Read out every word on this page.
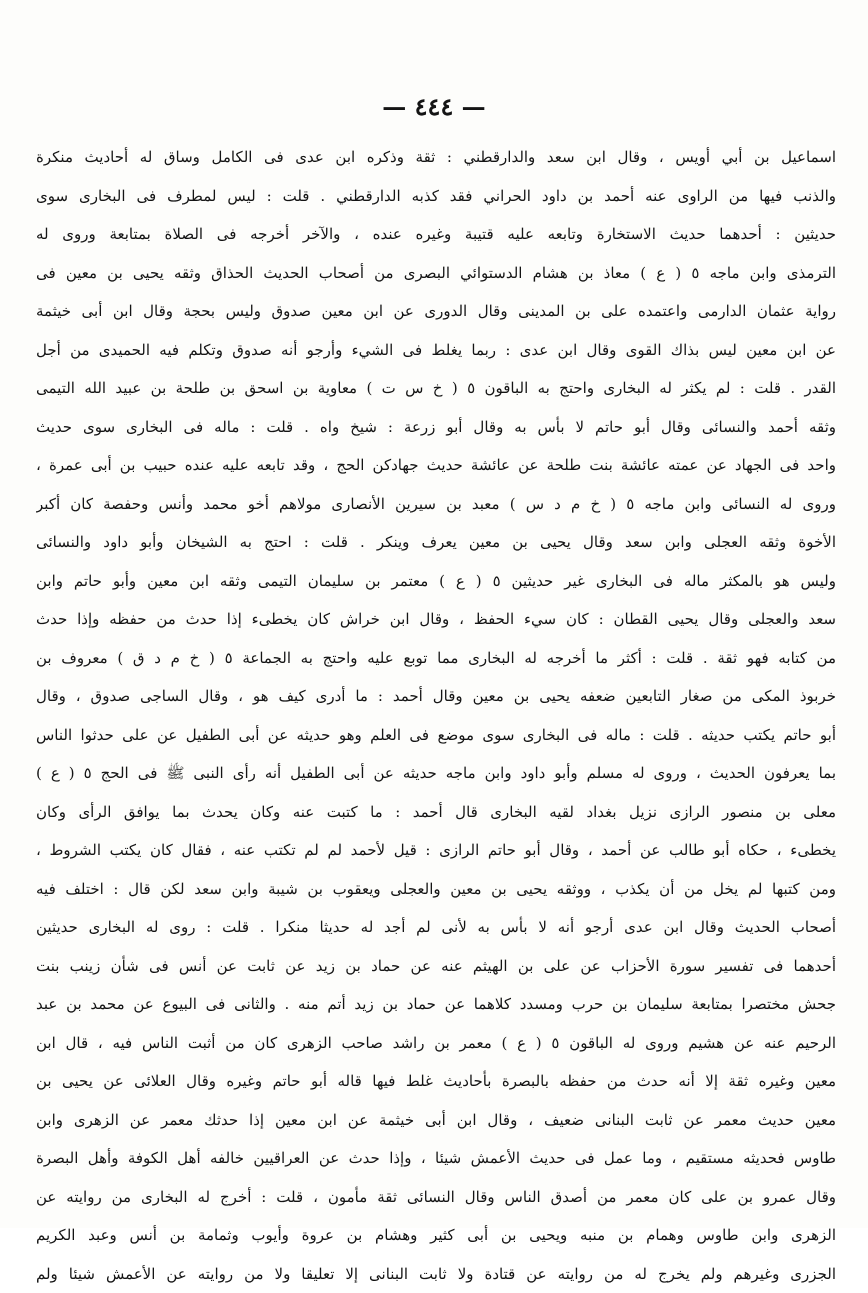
— ٤٤٤ —
اسماعيل بن أبي أويس ، وقال ابن سعد والدارقطني : ثقة وذكره ابن عدى فى الكامل وساق له أحاديث منكرة
والذنب فيها من الراوى عنه أحمد بن داود الحراني فقد كذبه الدارقطني . قلت : ليس لمطرف فى البخارى سوى
حديثين : أحدهما حديث الاستخارة وتابعه عليه قتيبة وغيره عنده ، والآخر أخرجه فى الصلاة بمتابعة وروى له
الترمذى وابن ماجه ٥ ( ع ) معاذ بن هشام الدستوائي البصرى من أصحاب الحديث الحذاق وثقه يحيى بن معين فى
رواية عثمان الدارمى واعتمده على بن المدينى وقال الدورى عن ابن معين صدوق وليس بحجة وقال ابن أبى خيثمة
عن ابن معين ليس بذاك القوى وقال ابن عدى : ربما يغلط فى الشيء وأرجو أنه صدوق وتكلم فيه الحميدى من أجل
القدر . قلت : لم يكثر له البخارى واحتج به الباقون ٥ ( خ س ت ) معاوية بن اسحق بن طلحة بن عبيد الله التيمى
وثقه أحمد والنسائى وقال أبو حاتم لا بأس به وقال أبو زرعة : شيخ واه . قلت : ماله فى البخارى سوى حديث
واحد فى الجهاد عن عمته عائشة بنت طلحة عن عائشة حديث جهادكن الحج ، وقد تابعه عليه عنده حبيب بن أبى عمرة ،
وروى له النسائى وابن ماجه ٥ ( خ م د س ) معبد بن سيرين الأنصارى مولاهم أخو محمد وأنس وحفصة كان أكبر
الأخوة وثقه العجلى وابن سعد وقال يحيى بن معين يعرف وينكر . قلت : احتج به الشيخان وأبو داود والنسائى
وليس هو بالمكثر ماله فى البخارى غير حديثين ٥ ( ع ) معتمر بن سليمان التيمى وثقه ابن معين وأبو حاتم وابن
سعد والعجلى وقال يحيى القطان : كان سيء الحفظ ، وقال ابن خراش كان يخطىء إذا حدث من حفظه وإذا حدث
من كتابه فهو ثقة . قلت : أكثر ما أخرجه له البخارى مما توبع عليه واحتج به الجماعة ٥ ( خ م د ق ) معروف بن
خربوذ المكى من صغار التابعين ضعفه يحيى بن معين وقال أحمد : ما أدرى كيف هو ، وقال الساجى صدوق ، وقال
أبو حاتم يكتب حديثه . قلت : ماله فى البخارى سوى موضع فى العلم وهو حديثه عن أبى الطفيل عن على حدثوا الناس
بما يعرفون الحديث ، وروى له مسلم وأبو داود وابن ماجه حديثه عن أبى الطفيل أنه رأى النبى ﷺ فى الحج ٥ ( ع )
معلى بن منصور الرازى نزيل بغداد لقيه البخارى قال أحمد : ما كتبت عنه وكان يحدث بما يوافق الرأى وكان
يخطىء ، حكاه أبو طالب عن أحمد ، وقال أبو حاتم الرازى : قيل لأحمد لم لم تكتب عنه ، فقال كان يكتب الشروط ،
ومن كتبها لم يخل من أن يكذب ، ووثقه يحيى بن معين والعجلى ويعقوب بن شيبة وابن سعد لكن قال : اختلف فيه
أصحاب الحديث وقال ابن عدى أرجو أنه لا بأس به لأنى لم أجد له حديثا منكرا . قلت : روى له البخارى حديثين
أحدهما فى تفسير سورة الأحزاب عن على بن الهيثم عنه عن حماد بن زيد عن ثابت عن أنس فى شأن زينب بنت
جحش مختصرا بمتابعة سليمان بن حرب ومسدد كلاهما عن حماد بن زيد أتم منه . والثانى فى البيوع عن محمد بن عبد
الرحيم عنه عن هشيم وروى له الباقون ٥ ( ع ) معمر بن راشد صاحب الزهرى كان من أثبت الناس فيه ، قال ابن
معين وغيره ثقة إلا أنه حدث من حفظه بالبصرة بأحاديث غلط فيها قاله أبو حاتم وغيره وقال العلائى عن يحيى بن
معين حديث معمر عن ثابت البنانى ضعيف ، وقال ابن أبى خيثمة عن ابن معين إذا حدثك معمر عن الزهرى وابن
طاوس فحديثه مستقيم ، وما عمل فى حديث الأعمش شيئا ، وإذا حدث عن العراقيين خالفه أهل الكوفة وأهل البصرة
وقال عمرو بن على كان معمر من أصدق الناس وقال النسائى ثقة مأمون ، قلت : أخرج له البخارى من روايته عن
الزهرى وابن طاوس وهمام بن منبه ويحيى بن أبى كثير وهشام بن عروة وأيوب وثمامة بن أنس وعبد الكريم
الجزرى وغيرهم ولم يخرج له من روايته عن قتادة ولا ثابت البنانى إلا تعليقا ولا من روايته عن الأعمش شيئا ولم
